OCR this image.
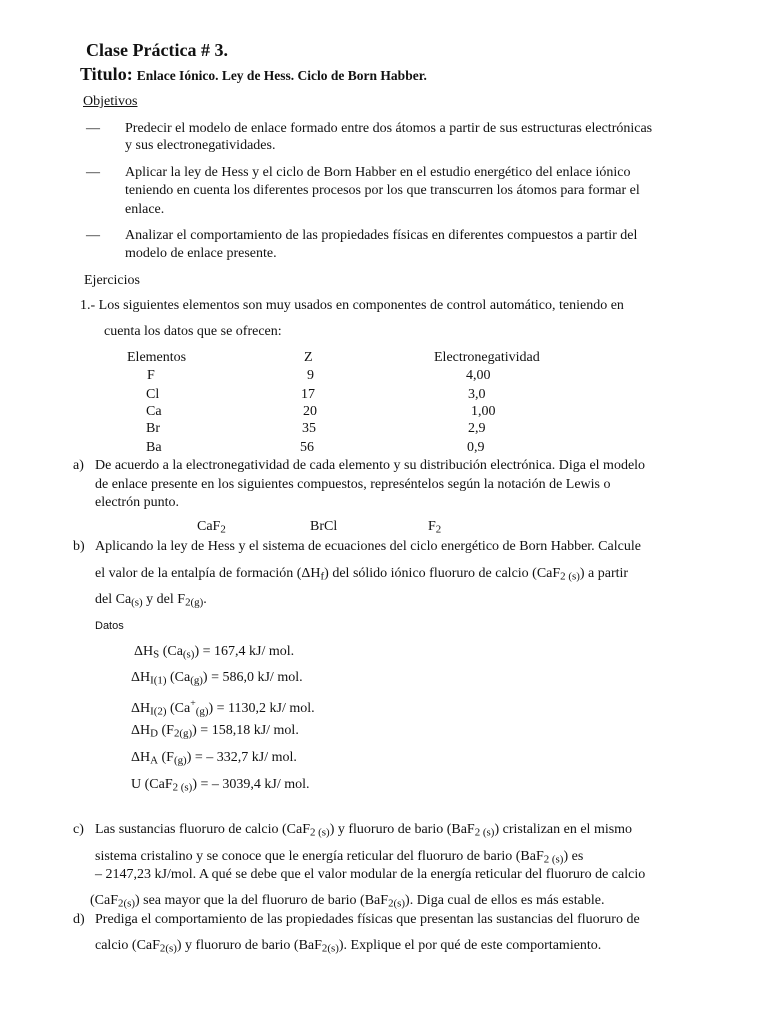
Clase Práctica # 3.
Titulo: Enlace Iónico. Ley de Hess. Ciclo de Born Habber.
Objetivos
— Predecir el modelo de enlace formado entre dos átomos a partir de sus estructuras electrónicas
y sus electronegatividades.
— Aplicar la ley de Hess y el ciclo de Born Habber en el estudio energético del enlace iónico
teniendo en cuenta los diferentes procesos por los que transcurren los átomos para formar el
enlace.
— Analizar el comportamiento de las propiedades físicas en diferentes compuestos a partir del
modelo de enlace presente.
Ejercicios
1.- Los siguientes elementos son muy usados en componentes de control automático, teniendo en
cuenta los datos que se ofrecen:
Elementos	Z	Electronegatividad
F	9	4,00
Cl	17	3,0
Ca	20	1,00
Br	35	2,9
Ba	56	0,9
a) De acuerdo a la electronegatividad de cada elemento y su distribución electrónica. Diga el modelo
de enlace presente en los siguientes compuestos, represéntelos según la notación de Lewis o
electrón punto.
CaF$_2$	BrCl	$F_2$
b) Aplicando la ley de Hess y el sistema de ecuaciones del ciclo energético de Born Habber. Calcule
el valor de la entalpía de formación $(\Delta H_f)$ del sólido iónico fluoruro de calcio (CaF$_{2 (s)}$) a partir
del $Ca_{(s)}$ y del $F_{2(g)}$.
Datos
$\Delta H_S$ $(Ca_{(s)}) = 167,4$ kJ/ mol.
$\Delta H_{I(1)}$ $(Ca_{(g)}) = 586,0$ kJ/ mol.
$\Delta H_{I(2)}$ $(Ca^+_{(g)}) = 1130,2$ kJ/ mol.
$\Delta H_D$ $(F_{2(g)}) = 158,18$ kJ/ mol.
$\Delta H_A$ $(F_{(g)})$ = – 332,7 kJ/ mol.
U (CaF$_{2 (s)}$) = – 3039,4 kJ/ mol.
c) Las sustancias fluoruro de calcio (CaF$_{2 (s)}$) y fluoruro de bario (BaF$_{2 (s)}$) cristalizan en el mismo
sistema cristalino y se conoce que le energía reticular del fluoruro de bario (BaF$_{2 (s)}$) es
– 2147,23 kJ/mol. A qué se debe que el valor modular de la energía reticular del fluoruro de calcio
(CaF$_{2(s)}$) sea mayor que la del fluoruro de bario (BaF$_{2(s)}$). Diga cual de ellos es más estable.
d) Prediga el comportamiento de las propiedades físicas que presentan las sustancias del fluoruro de
calcio (CaF$_{2(s)}$) y fluoruro de bario (BaF$_{2(s)}$). Explique el por qué de este comportamiento.
